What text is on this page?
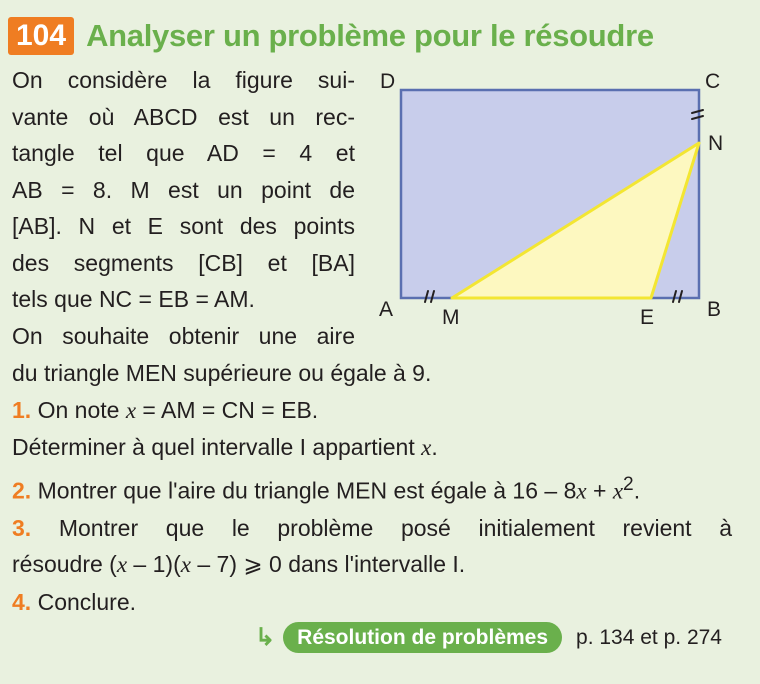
104 Analyser un problème pour le résoudre

On considère la figure sui-

vante où ABCD est un rec-

tangle tel que AD = 4 et

AB = 8. M est un point de

[AB]. N et E sont des points

des segments [CB] et [BA]

tels que NC = EB = AM.

On souhaite obtenir une aire

D	C
N
A M	E	B

du triangle MEN supérieure ou égale à 9.

1. On note x = AM = CN = EB.

Déterminer à quel intervalle I appartient x.

2. Montrer que l'aire du triangle MEN est égale à $16 - 8x + x^2$.

3. Montrer que le problème posé initialement revient à

résoudre (x – 1)(x – 7) ⩾ 0 dans l'intervalle I.

4. Conclure.

↳	Résolution de problèmes	p. 134 et p. 274
